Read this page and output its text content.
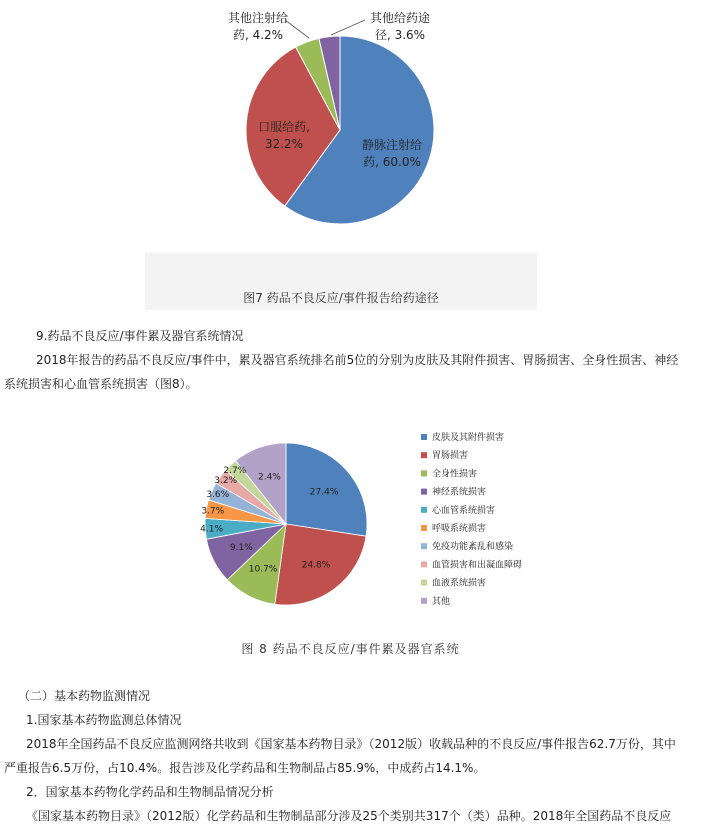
静脉注射给
药, 60.0%
口服给药,
32.2%
其他注射给
药, 4.2%
其他给药途
径, 3.6%
图7 药品不良反应/事件报告给药途径
9.药品不良反应/事件累及器官系统情况
2018年报告的药品不良反应/事件中，累及器官系统排名前5位的分别为皮肤及其附件损害、胃肠损害、全身性损害、神经
系统损害和心血管系统损害（图8）。
27.4%
24.8%
10.7%
9.1%
4.1%
3.7%
3.6%
3.2%
2.7%
2.4%
皮肤及其附件损害
胃肠损害
全身性损害
神经系统损害
心血管系统损害
呼吸系统损害
免疫功能紊乱和感染
血管损害和出凝血障碍
血液系统损害
其他
图 8 药品不良反应/事件累及器官系统
（二）基本药物监测情况
1.国家基本药物监测总体情况
2018年全国药品不良反应监测网络共收到《国家基本药物目录》（2012版）收载品种的不良反应/事件报告62.7万份，其中
严重报告6.5万份，占10.4%。报告涉及化学药品和生物制品占85.9%，中成药占14.1%。
2．国家基本药物化学药品和生物制品情况分析
《国家基本药物目录》（2012版）化学药品和生物制品部分涉及25个类别共317个（类）品种。2018年全国药品不良反应
